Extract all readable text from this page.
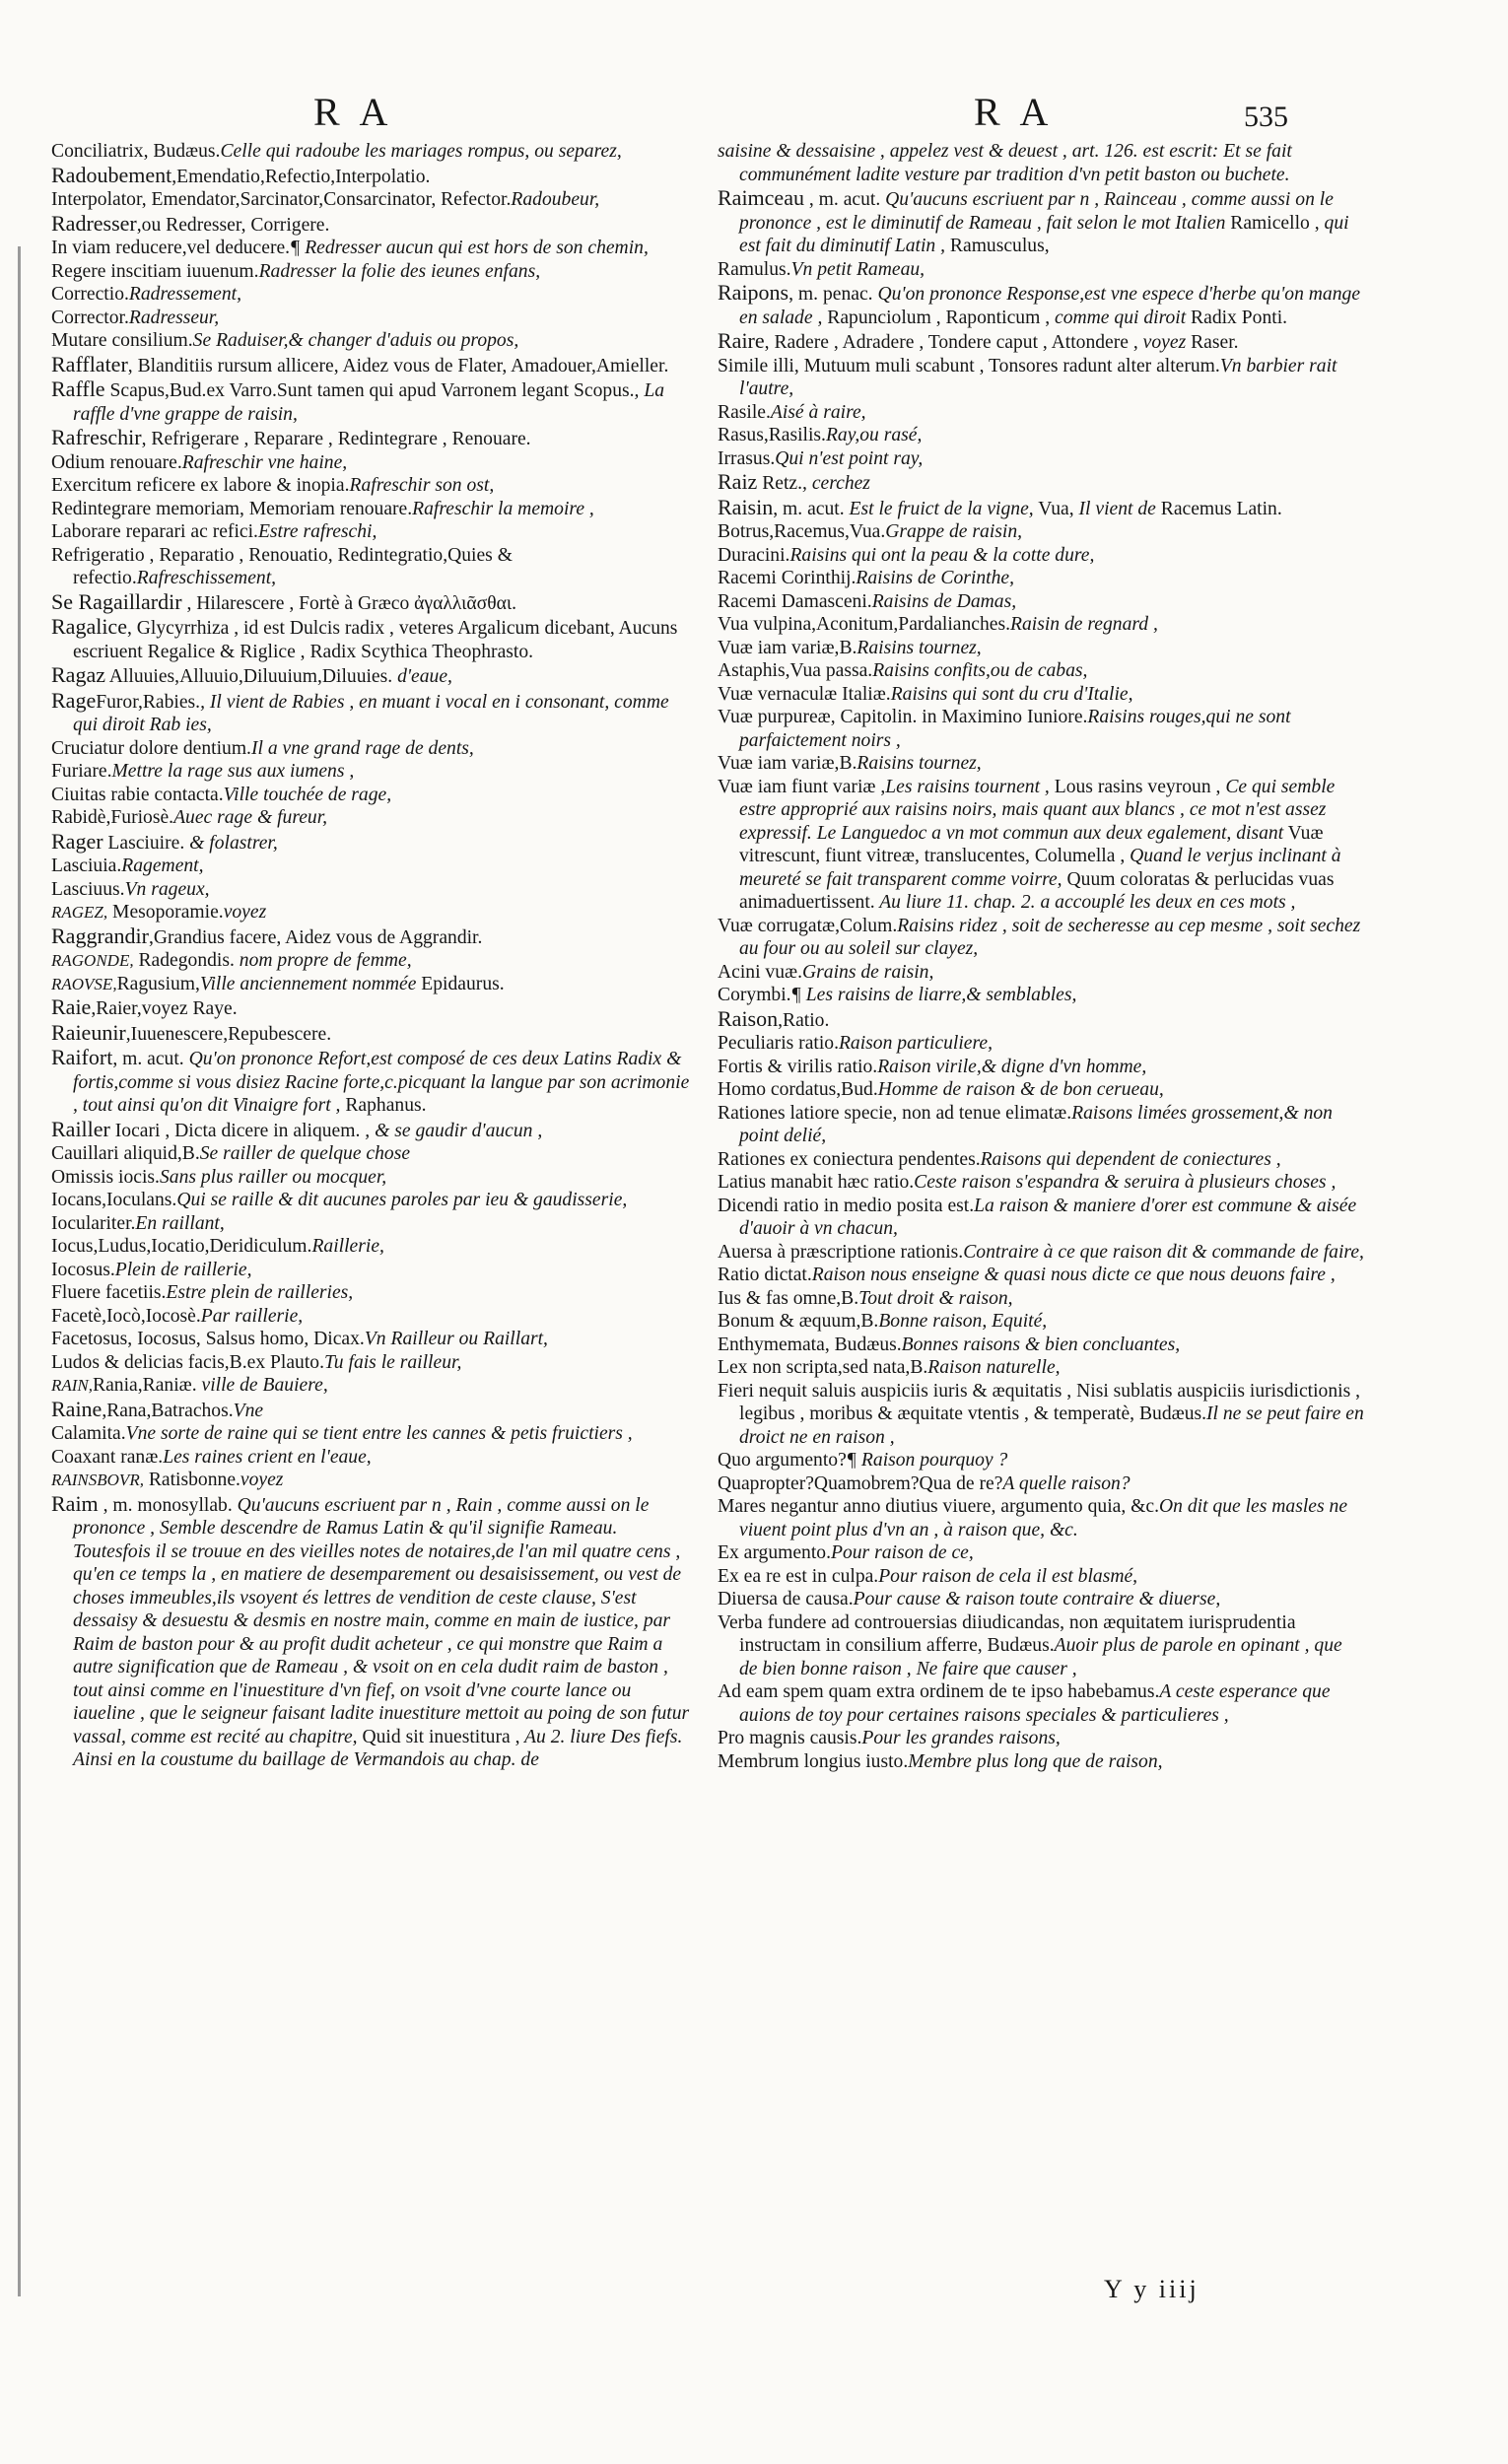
R A	R A	535

Conciliatrix, Budæus.Celle qui radoube les mariages rompus, ou separez,

Radoubement,Emendatio,Refectio,Interpolatio.

Interpolator, Emendator,Sarcinator,Consarcinator, Refector.Radoubeur,

Radresser,ou Redresser, Corrigere.

In viam reducere,vel deducere.¶ Redresser aucun qui est hors de son chemin,

Regere inscitiam iuuenum.Radresser la folie des ieunes enfans,

Correctio.Radressement,

Corrector.Radresseur,

Mutare consilium.Se Raduiser,& changer d'aduis ou propos,

Rafflater, Blanditiis rursum allicere, Aidez vous de Flater, Amadouer,Amieller.

Raffle Scapus,Bud.ex Varro.Sunt tamen qui apud Varronem legant Scopus., La raffle d'vne grappe de raisin,

Rafreschir, Refrigerare , Reparare , Redintegrare , Renouare.

Odium renouare.Rafreschir vne haine,

Exercitum reficere ex labore & inopia.Rafreschir son ost,

Redintegrare memoriam, Memoriam renouare.Rafreschir la memoire ,

Laborare reparari ac refici.Estre rafreschi,

Refrigeratio , Reparatio , Renouatio, Redintegratio,Quies & refectio.Rafreschissement,

Se Ragaillardir , Hilarescere , Fortè à Græco ἀγαλλιᾶσθαι.

Ragalice, Glycyrrhiza , id est Dulcis radix , veteres Argalicum dicebant, Aucuns escriuent Regalice & Riglice , Radix Scythica Theophrasto.

Ragaz Alluuies,Alluuio,Diluuium,Diluuies. d'eaue,

RageFuror,Rabies., Il vient de Rabies , en muant i vocal en i consonant, comme qui diroit Rab ies,

Cruciatur dolore dentium.Il a vne grand rage de dents,

Furiare.Mettre la rage sus aux iumens ,

Ciuitas rabie contacta.Ville touchée de rage,

Rabidè,Furiosè.Auec rage & fureur,

Rager Lasciuire. & folastrer,

Lasciuia.Ragement,

Lasciuus.Vn rageux,

RAGEZ, Mesoporamie.voyez

Raggrandir,Grandius facere, Aidez vous de Aggrandir.

RAGONDE, Radegondis. nom propre de femme,

RAOVSE,Ragusium,Ville anciennement nommée Epidaurus.

Raie,Raier,voyez Raye.

Raieunir,Iuuenescere,Repubescere.

Raifort, m. acut. Qu'on prononce Refort,est composé de ces deux Latins Radix & fortis,comme si vous disiez Racine forte,c.picquant la langue par son acrimonie , tout ainsi qu'on dit Vinaigre fort , Raphanus.

Railler Iocari , Dicta dicere in aliquem. , & se gaudir d'aucun ,

Cauillari aliquid,B.Se railler de quelque chose

Omissis iocis.Sans plus railler ou mocquer,

Iocans,Ioculans.Qui se raille & dit aucunes paroles par ieu & gaudisserie,

Ioculariter.En raillant,

Iocus,Ludus,Iocatio,Deridiculum.Raillerie,

Iocosus.Plein de raillerie,

Fluere facetiis.Estre plein de railleries,

Facetè,Iocò,Iocosè.Par raillerie,

Facetosus, Iocosus, Salsus homo, Dicax.Vn Railleur ou Raillart,

Ludos & delicias facis,B.ex Plauto.Tu fais le railleur,

RAIN,Rania,Raniæ. ville de Bauiere,

Raine,Rana,Batrachos.Vne

Calamita.Vne sorte de raine qui se tient entre les cannes & petis fruictiers ,

Coaxant ranæ.Les raines crient en l'eaue,

RAINSBOVR, Ratisbonne.voyez

Raim , m. monosyllab. Qu'aucuns escriuent par n , Rain , comme aussi on le prononce , Semble descendre de Ramus Latin & qu'il signifie Rameau. Toutesfois il se trouue en des vieilles notes de notaires,de l'an mil quatre cens , qu'en ce temps la , en matiere de desemparement ou desaisissement, ou vest de choses immeubles,ils vsoyent és lettres de vendition de ceste clause, S'est dessaisy & desuestu & desmis en nostre main, comme en main de iustice, par Raim de baston pour & au profit dudit acheteur , ce qui monstre que Raim a autre signification que de Rameau , & vsoit on en cela dudit raim de baston , tout ainsi comme en l'inuestiture d'vn fief, on vsoit d'vne courte lance ou iaueline , que le seigneur faisant ladite inuestiture mettoit au poing de son futur vassal, comme est recité au chapitre, Quid sit inuestitura , Au 2. liure Des fiefs. Ainsi en la coustume du baillage de Vermandois au chap. de

saisine & dessaisine , appelez vest & deuest , art. 126. est escrit: Et se fait communément ladite vesture par tradition d'vn petit baston ou buchete.

Raimceau , m. acut. Qu'aucuns escriuent par n , Rainceau , comme aussi on le prononce , est le diminutif de Rameau , fait selon le mot Italien Ramicello , qui est fait du diminutif Latin , Ramusculus,

Ramulus.Vn petit Rameau,

Raipons, m. penac. Qu'on prononce Response,est vne espece d'herbe qu'on mange en salade , Rapunciolum , Raponticum , comme qui diroit Radix Ponti.

Raire, Radere , Adradere , Tondere caput , Attondere , voyez Raser.

Simile illi, Mutuum muli scabunt , Tonsores radunt alter alterum.Vn barbier rait l'autre,

Rasile.Aisé à raire,

Rasus,Rasilis.Ray,ou rasé,

Irrasus.Qui n'est point ray,

Raiz Retz., cerchez

Raisin, m. acut. Est le fruict de la vigne, Vua, Il vient de Racemus Latin.

Botrus,Racemus,Vua.Grappe de raisin,

Duracini.Raisins qui ont la peau & la cotte dure,

Racemi Corinthij.Raisins de Corinthe,

Racemi Damasceni.Raisins de Damas,

Vua vulpina,Aconitum,Pardalianches.Raisin de regnard ,

Vuæ iam variæ,B.Raisins tournez,

Astaphis,Vua passa.Raisins confits,ou de cabas,

Vuæ vernaculæ Italiæ.Raisins qui sont du cru d'Italie,

Vuæ purpureæ, Capitolin. in Maximino Iuniore.Raisins rouges,qui ne sont parfaictement noirs ,

Vuæ iam variæ,B.Raisins tournez,

Vuæ iam fiunt variæ ,Les raisins tournent , Lous rasins veyroun , Ce qui semble estre approprié aux raisins noirs, mais quant aux blancs , ce mot n'est assez expressif. Le Languedoc a vn mot commun aux deux egalement, disant Vuæ vitrescunt, fiunt vitreæ, translucentes, Columella , Quand le verjus inclinant à meureté se fait transparent comme voirre, Quum coloratas & perlucidas vuas animaduertissent. Au liure 11. chap. 2. a accouplé les deux en ces mots ,

Vuæ corrugatæ,Colum.Raisins ridez , soit de secheresse au cep mesme , soit sechez au four ou au soleil sur clayez,

Acini vuæ.Grains de raisin,

Corymbi.¶ Les raisins de liarre,& semblables,

Raison,Ratio.

Peculiaris ratio.Raison particuliere,

Fortis & virilis ratio.Raison virile,& digne d'vn homme,

Homo cordatus,Bud.Homme de raison & de bon cerueau,

Rationes latiore specie, non ad tenue elimatæ.Raisons limées grossement,& non point delié,

Rationes ex coniectura pendentes.Raisons qui dependent de coniectures ,

Latius manabit hæc ratio.Ceste raison s'espandra & seruira à plusieurs choses ,

Dicendi ratio in medio posita est.La raison & maniere d'orer est commune & aisée d'auoir à vn chacun,

Auersa à præscriptione rationis.Contraire à ce que raison dit & commande de faire,

Ratio dictat.Raison nous enseigne & quasi nous dicte ce que nous deuons faire ,

Ius & fas omne,B.Tout droit & raison,

Bonum & æquum,B.Bonne raison, Equité,

Enthymemata, Budæus.Bonnes raisons & bien concluantes,

Lex non scripta,sed nata,B.Raison naturelle,

Fieri nequit saluis auspiciis iuris & æquitatis , Nisi sublatis auspiciis iurisdictionis , legibus , moribus & æquitate vtentis , & temperatè, Budæus.Il ne se peut faire en droict ne en raison ,

Quo argumento?¶ Raison pourquoy ?

Quapropter?Quamobrem?Qua de re?A quelle raison?

Mares negantur anno diutius viuere, argumento quia, &c.On dit que les masles ne viuent point plus d'vn an , à raison que, &c.

Ex argumento.Pour raison de ce,

Ex ea re est in culpa.Pour raison de cela il est blasmé,

Diuersa de causa.Pour cause & raison toute contraire & diuerse,

Verba fundere ad controuersias diiudicandas, non æquitatem iurisprudentia instructam in consilium afferre, Budæus.Auoir plus de parole en opinant , que de bien bonne raison , Ne faire que causer ,

Ad eam spem quam extra ordinem de te ipso habebamus.A ceste esperance que auions de toy pour certaines raisons speciales & particulieres ,

Pro magnis causis.Pour les grandes raisons,

Membrum longius iusto.Membre plus long que de raison,

Y y iiij
